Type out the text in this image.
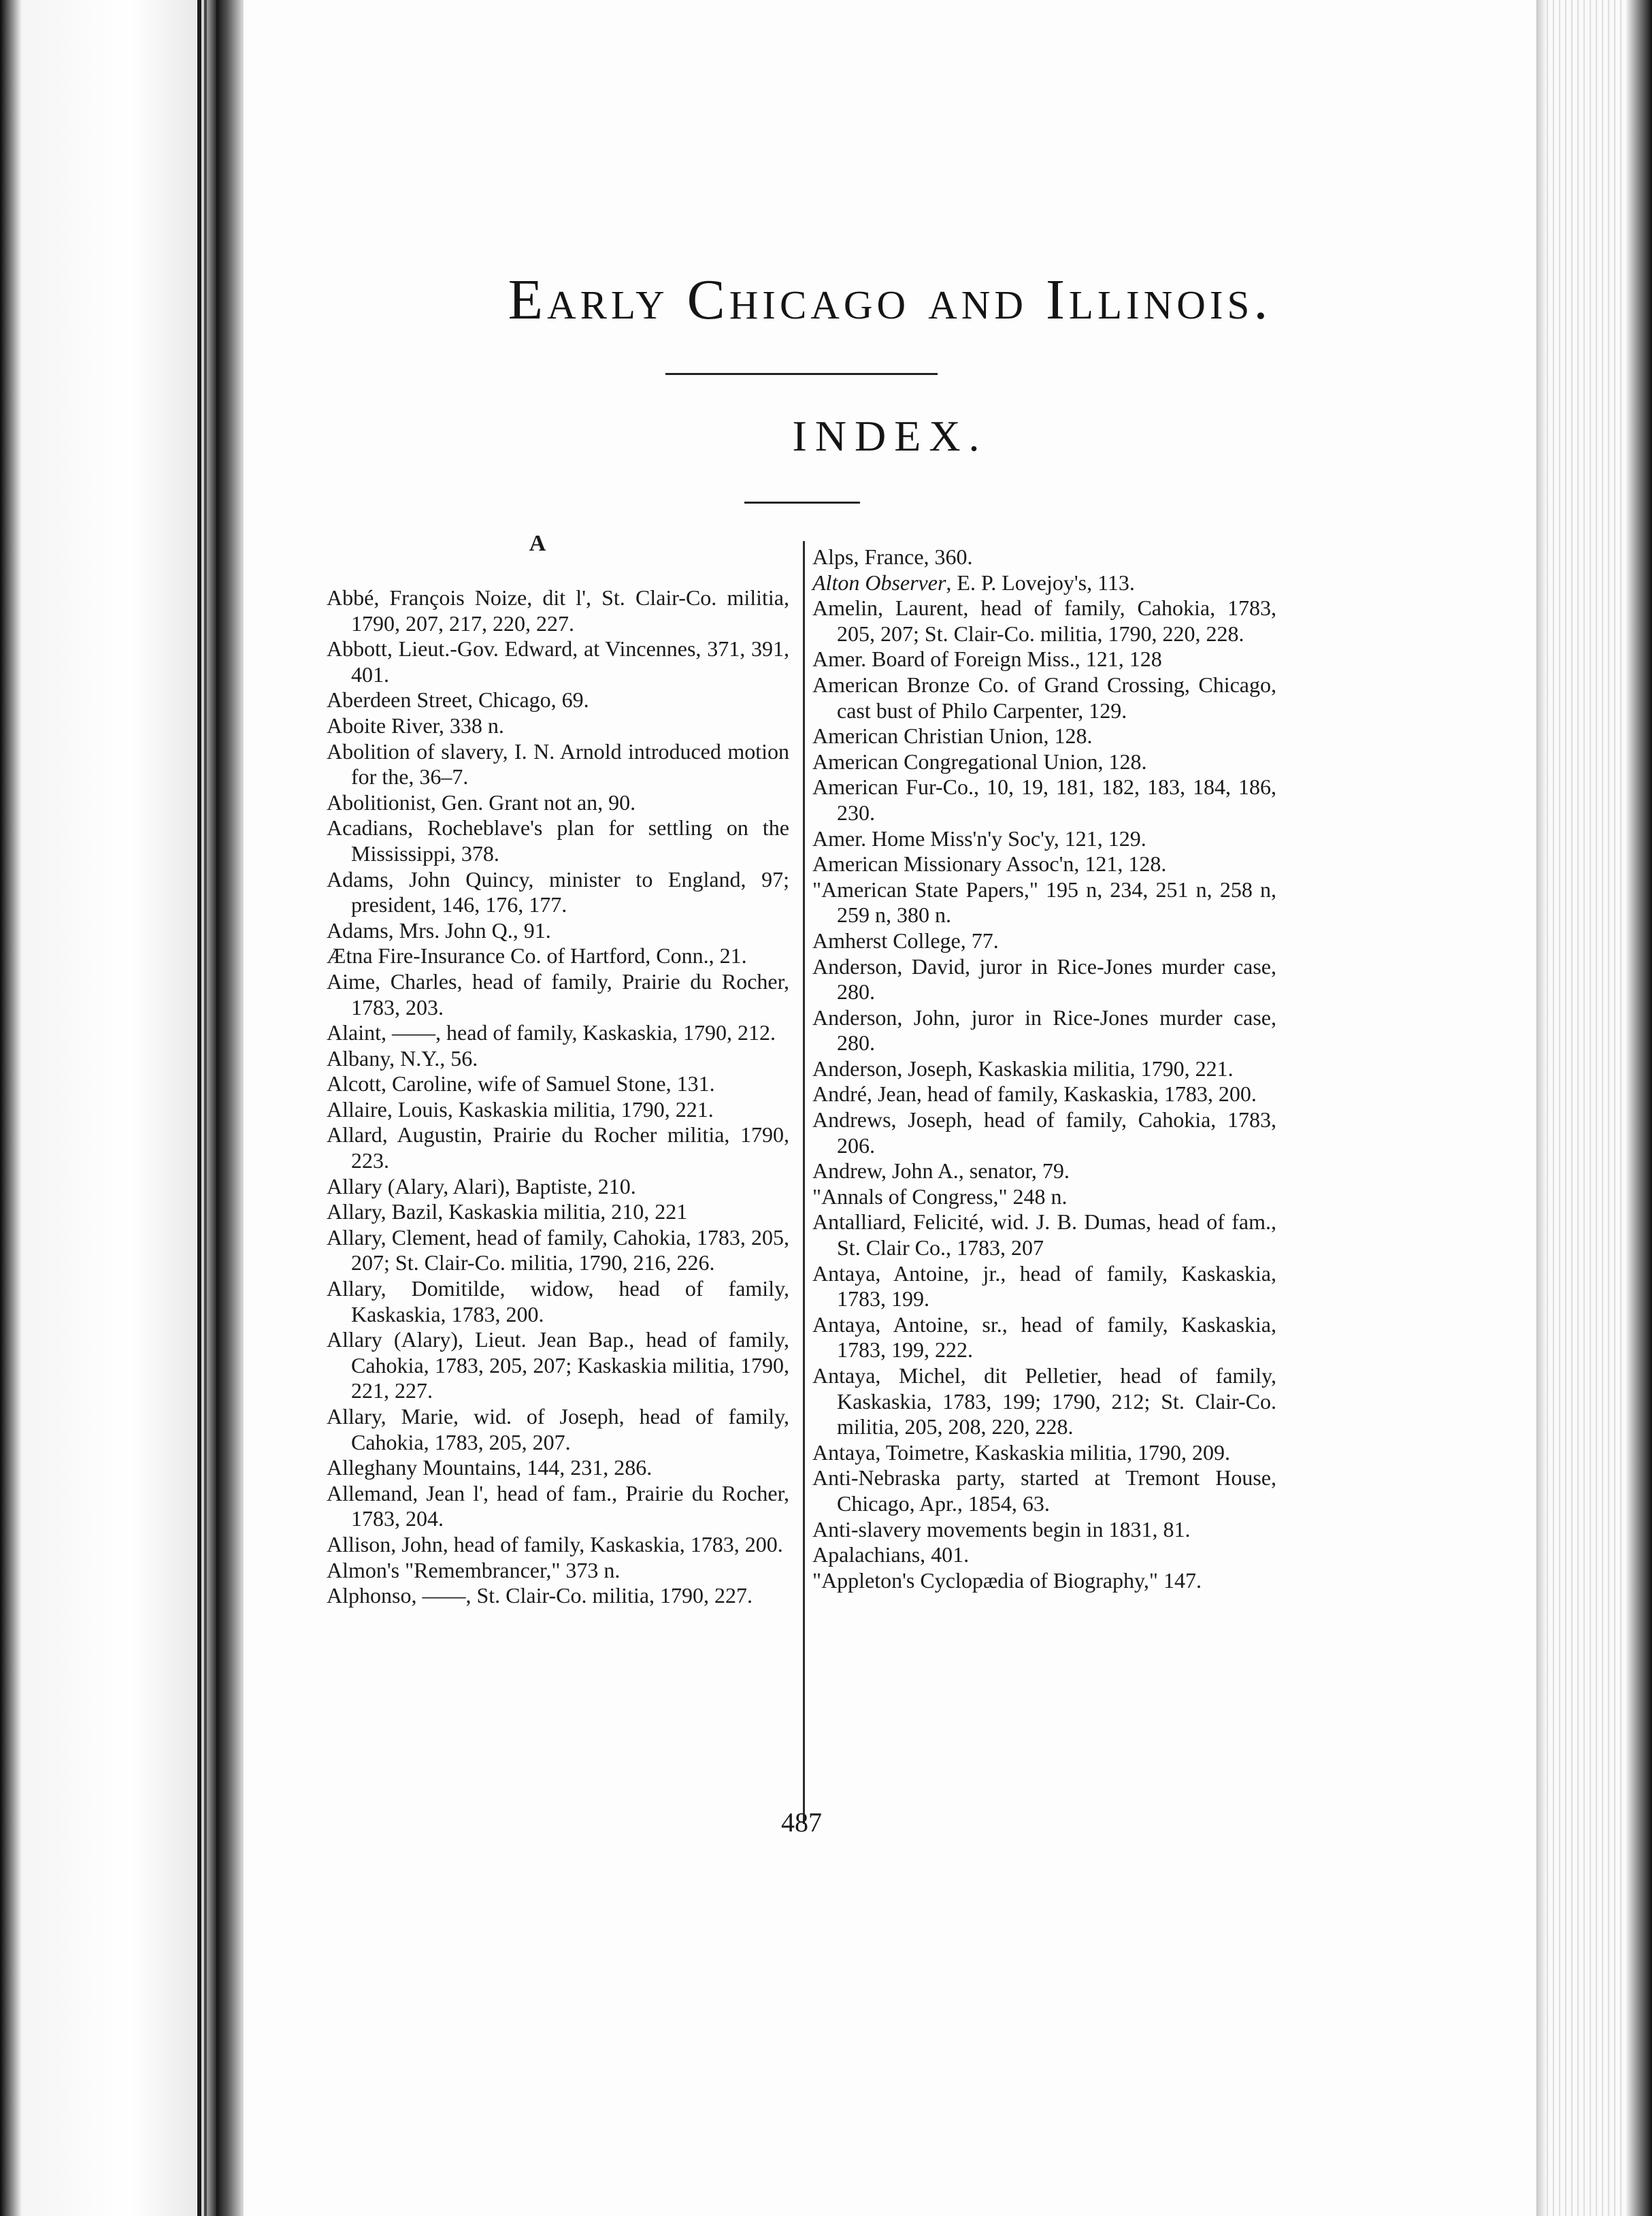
Early Chicago and Illinois.
INDEX.
A

Abbé, François Noize, dit l', St. Clair-Co. militia, 1790, 207, 217, 220, 227.

Abbott, Lieut.-Gov. Edward, at Vincennes, 371, 391, 401.

Aberdeen Street, Chicago, 69.

Aboite River, 338 n.

Abolition of slavery, I. N. Arnold introduced motion for the, 36–7.

Abolitionist, Gen. Grant not an, 90.

Acadians, Rocheblave's plan for settling on the Mississippi, 378.

Adams, John Quincy, minister to England, 97; president, 146, 176, 177.

Adams, Mrs. John Q., 91.

Ætna Fire-Insurance Co. of Hartford, Conn., 21.

Aime, Charles, head of family, Prairie du Rocher, 1783, 203.

Alaint, ——, head of family, Kaskaskia, 1790, 212.

Albany, N.Y., 56.

Alcott, Caroline, wife of Samuel Stone, 131.

Allaire, Louis, Kaskaskia militia, 1790, 221.

Allard, Augustin, Prairie du Rocher militia, 1790, 223.

Allary (Alary, Alari), Baptiste, 210.

Allary, Bazil, Kaskaskia militia, 210, 221

Allary, Clement, head of family, Cahokia, 1783, 205, 207; St. Clair-Co. militia, 1790, 216, 226.

Allary, Domitilde, widow, head of family, Kaskaskia, 1783, 200.

Allary (Alary), Lieut. Jean Bap., head of family, Cahokia, 1783, 205, 207; Kaskaskia militia, 1790, 221, 227.

Allary, Marie, wid. of Joseph, head of family, Cahokia, 1783, 205, 207.

Alleghany Mountains, 144, 231, 286.

Allemand, Jean l', head of fam., Prairie du Rocher, 1783, 204.

Allison, John, head of family, Kaskaskia, 1783, 200.

Almon's "Remembrancer," 373 n.

Alphonso, ——, St. Clair-Co. militia, 1790, 227.

Alps, France, 360.

Alton Observer, E. P. Lovejoy's, 113.

Amelin, Laurent, head of family, Cahokia, 1783, 205, 207; St. Clair-Co. militia, 1790, 220, 228.

Amer. Board of Foreign Miss., 121, 128

American Bronze Co. of Grand Crossing, Chicago, cast bust of Philo Carpenter, 129.

American Christian Union, 128.

American Congregational Union, 128.

American Fur-Co., 10, 19, 181, 182, 183, 184, 186, 230.

Amer. Home Miss'n'y Soc'y, 121, 129.

American Missionary Assoc'n, 121, 128.

"American State Papers," 195 n, 234, 251 n, 258 n, 259 n, 380 n.

Amherst College, 77.

Anderson, David, juror in Rice-Jones murder case, 280.

Anderson, John, juror in Rice-Jones murder case, 280.

Anderson, Joseph, Kaskaskia militia, 1790, 221.

André, Jean, head of family, Kaskaskia, 1783, 200.

Andrews, Joseph, head of family, Cahokia, 1783, 206.

Andrew, John A., senator, 79.

"Annals of Congress," 248 n.

Antalliard, Felicité, wid. J. B. Dumas, head of fam., St. Clair Co., 1783, 207

Antaya, Antoine, jr., head of family, Kaskaskia, 1783, 199.

Antaya, Antoine, sr., head of family, Kaskaskia, 1783, 199, 222.

Antaya, Michel, dit Pelletier, head of family, Kaskaskia, 1783, 199; 1790, 212; St. Clair-Co. militia, 205, 208, 220, 228.

Antaya, Toimetre, Kaskaskia militia, 1790, 209.

Anti-Nebraska party, started at Tremont House, Chicago, Apr., 1854, 63.

Anti-slavery movements begin in 1831, 81.

Apalachians, 401.

"Appleton's Cyclopædia of Biography," 147.

487
